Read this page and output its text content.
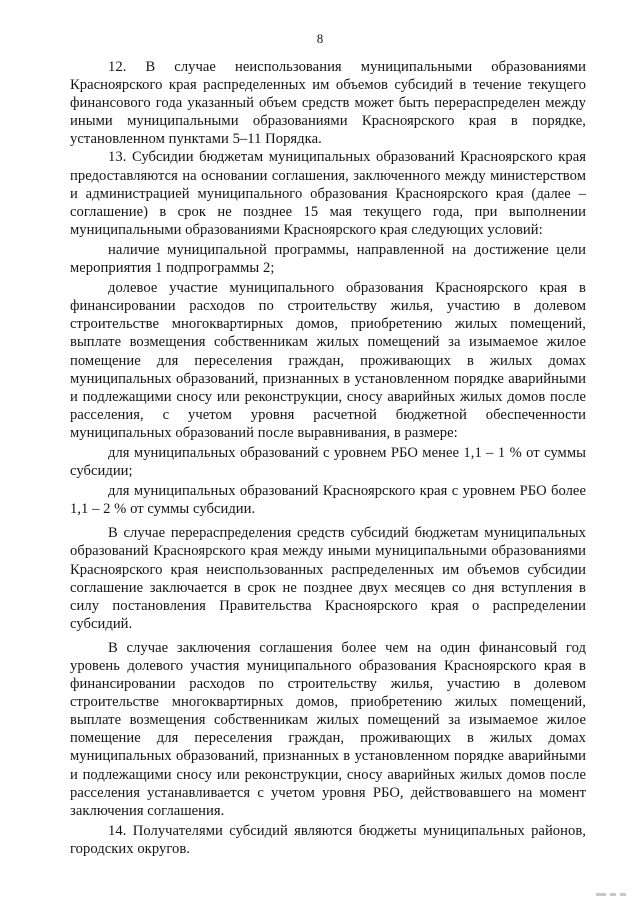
8

12. В случае неиспользования муниципальными образованиями Красноярского края распределенных им объемов субсидий в течение текущего финансового года указанный объем средств может быть перераспределен между иными муниципальными образованиями Красноярского края в порядке, установленном пунктами 5–11 Порядка.

13. Субсидии бюджетам муниципальных образований Красноярского края предоставляются на основании соглашения, заключенного между министерством и администрацией муниципального образования Красноярского края (далее – соглашение) в срок не позднее 15 мая текущего года, при выполнении муниципальными образованиями Красноярского края следующих условий:

наличие муниципальной программы, направленной на достижение цели мероприятия 1 подпрограммы 2;

долевое участие муниципального образования Красноярского края в финансировании расходов по строительству жилья, участию в долевом строительстве многоквартирных домов, приобретению жилых помещений, выплате возмещения собственникам жилых помещений за изымаемое жилое помещение для переселения граждан, проживающих в жилых домах муниципальных образований, признанных в установленном порядке аварийными и подлежащими сносу или реконструкции, сносу аварийных жилых домов после расселения, с учетом уровня расчетной бюджетной обеспеченности муниципальных образований после выравнивания, в размере:

для муниципальных образований с уровнем РБО менее 1,1 – 1 % от суммы субсидии;

для муниципальных образований Красноярского края с уровнем РБО более 1,1 – 2 % от суммы субсидии.

В случае перераспределения средств субсидий бюджетам муниципальных образований Красноярского края между иными муниципальными образованиями Красноярского края неиспользованных распределенных им объемов субсидии соглашение заключается в срок не позднее двух месяцев со дня вступления в силу постановления Правительства Красноярского края о распределении субсидий.

В случае заключения соглашения более чем на один финансовый год уровень долевого участия муниципального образования Красноярского края в финансировании расходов по строительству жилья, участию в долевом строительстве многоквартирных домов, приобретению жилых помещений, выплате возмещения собственникам жилых помещений за изымаемое жилое помещение для переселения граждан, проживающих в жилых домах муниципальных образований, признанных в установленном порядке аварийными и подлежащими сносу или реконструкции, сносу аварийных жилых домов после расселения устанавливается с учетом уровня РБО, действовавшего на момент заключения соглашения.

14. Получателями субсидий являются бюджеты муниципальных районов, городских округов.
